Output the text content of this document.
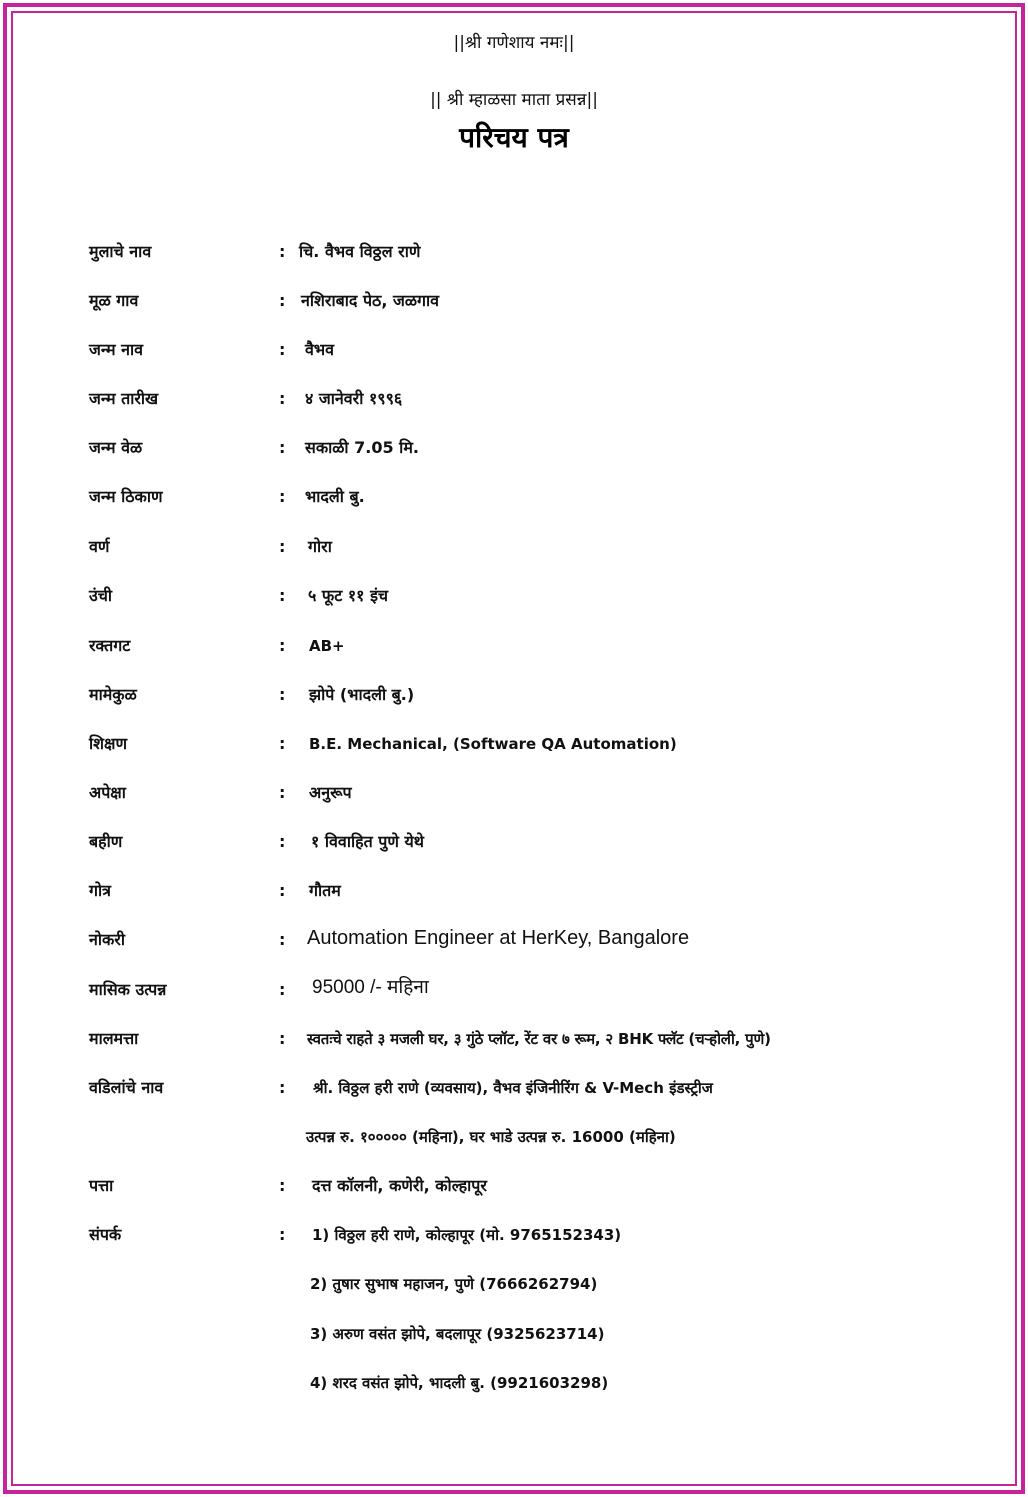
||श्री गणेशाय नमः||
|| श्री म्हाळसा माता प्रसन्न||
परिचय पत्र
मुलाचे नाव	: चि. वैभव विठ्ठल राणे
मूळ गाव	: नशिराबाद पेठ, जळगाव
जन्म नाव	: वैभव
जन्म तारीख	: ४ जानेवरी १९९६
जन्म वेळ	: सकाळी 7.05 मि.
जन्म ठिकाण	: भादली बु.
वर्ण	: गोरा
उंची	: ५ फूट ११ इंच
रक्तगट	: AB+
मामेकुळ	: झोपे (भादली बु.)
शिक्षण	: B.E. Mechanical, (Software QA Automation)
अपेक्षा	: अनुरूप
बहीण	: १ विवाहित पुणे येथे
गोत्र	: गौतम
नोकरी	: Automation Engineer at HerKey, Bangalore
मासिक उत्पन्न	: 95000 /- महिना
मालमत्ता	: स्वतःचे राहते ३ मजली घर, ३ गुंठे प्लॉट, रेंट वर ७ रूम, २ BHK फ्लॅट (चऱ्होली, पुणे)
वडिलांचे नाव	: श्री. विठ्ठल हरी राणे (व्यवसाय), वैभव इंजिनीरिंग & V-Mech इंडस्ट्रीज
उत्पन्न रु. १००००० (महिना), घर भाडे उत्पन्न रु. 16000 (महिना)
पत्ता	: दत्त कॉलनी, कणेरी, कोल्हापूर
संपर्क	: 1) विठ्ठल हरी राणे, कोल्हापूर (मो. 9765152343)
2) तुषार सुभाष महाजन, पुणे (7666262794)
3) अरुण वसंत झोपे, बदलापूर (9325623714)
4) शरद वसंत झोपे, भादली बु. (9921603298)
